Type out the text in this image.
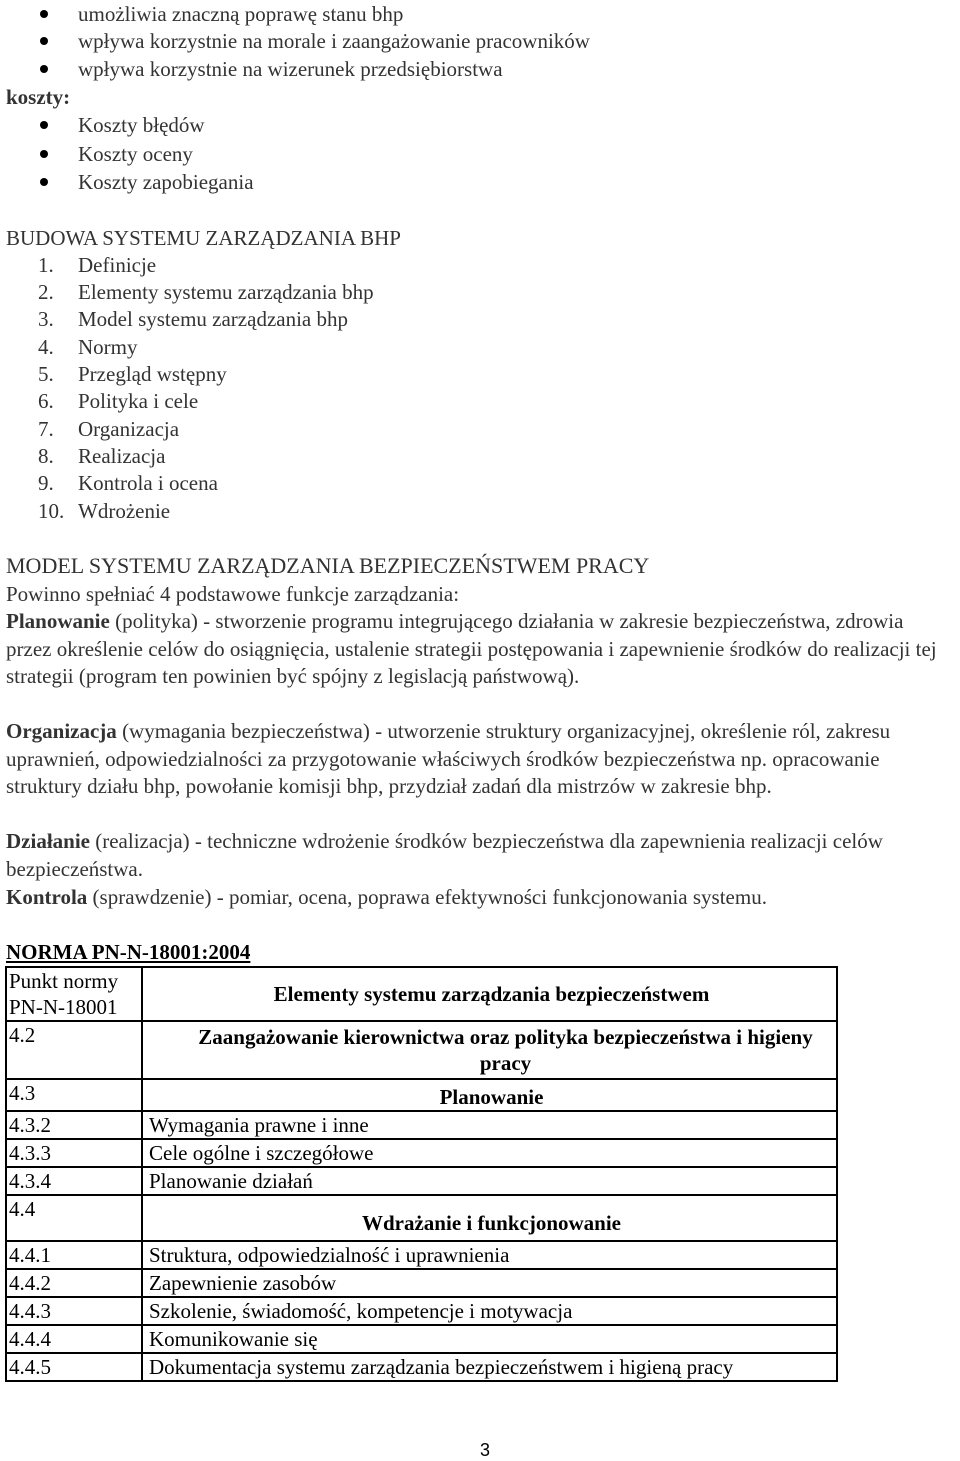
umożliwia znaczną poprawę stanu bhp
wpływa korzystnie na morale i zaangażowanie pracowników
wpływa korzystnie na wizerunek przedsiębiorstwa
koszty:
Koszty błędów
Koszty oceny
Koszty zapobiegania
BUDOWA SYSTEMU ZARZĄDZANIA BHP
1. Definicje
2. Elementy systemu zarządzania bhp
3. Model systemu zarządzania bhp
4. Normy
5. Przegląd wstępny
6. Polityka i cele
7. Organizacja
8. Realizacja
9. Kontrola i ocena
10. Wdrożenie
MODEL SYSTEMU ZARZĄDZANIA BEZPIECZEŃSTWEM PRACY
Powinno spełniać 4 podstawowe funkcje zarządzania:

Planowanie (polityka) - stworzenie programu integrującego działania w zakresie bezpieczeństwa, zdrowia przez określenie celów do osiągnięcia, ustalenie strategii postępowania i zapewnienie środków do realizacji tej strategii (program ten powinien być spójny z legislacją państwową).

Organizacja (wymagania bezpieczeństwa) - utworzenie struktury organizacyjnej, określenie ról, zakresu uprawnień, odpowiedzialności za przygotowanie właściwych środków bezpieczeństwa np. opracowanie struktury działu bhp, powołanie komisji bhp, przydział zadań dla mistrzów w zakresie bhp.

Działanie (realizacja) - techniczne wdrożenie środków bezpieczeństwa dla zapewnienia realizacji celów bezpieczeństwa.

Kontrola (sprawdzenie) - pomiar, ocena, poprawa efektywności funkcjonowania systemu.

NORMA PN-N-18001:2004
Punkt normy
PN-N-18001	Elementy systemu zarządzania bezpieczeństwem
4.2	Zaangażowanie kierownictwa oraz polityka bezpieczeństwa i higieny pracy
4.3	Planowanie
4.3.2	Wymagania prawne i inne
4.3.3	Cele ogólne i szczegółowe
4.3.4	Planowanie działań
4.4	Wdrażanie i funkcjonowanie
4.4.1	Struktura, odpowiedzialność i uprawnienia
4.4.2	Zapewnienie zasobów
4.4.3	Szkolenie, świadomość, kompetencje i motywacja
4.4.4	Komunikowanie się
4.4.5	Dokumentacja systemu zarządzania bezpieczeństwem i higieną pracy
3
